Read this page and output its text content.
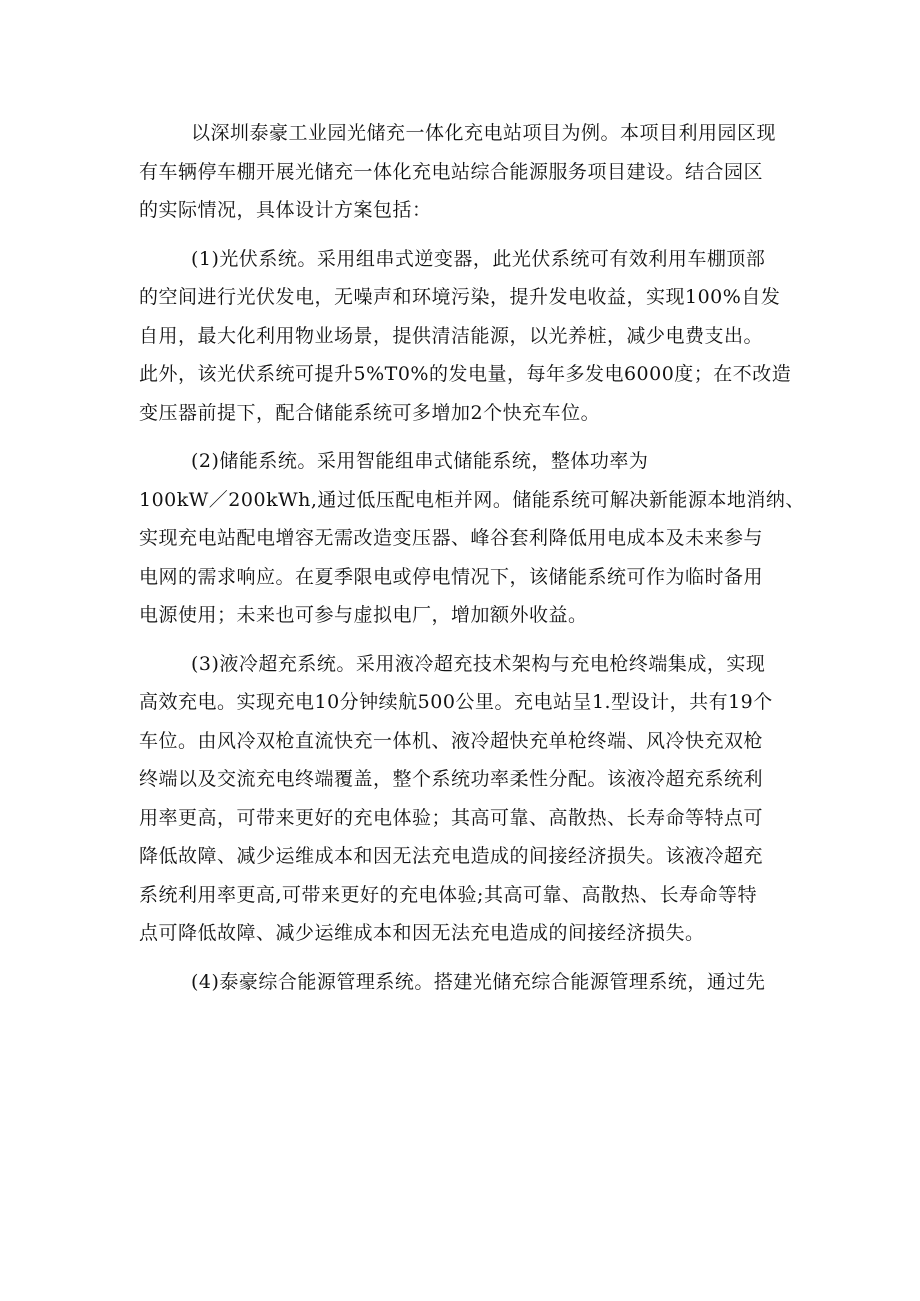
以深圳泰豪工业园光储充一体化充电站项目为例。本项目利用园区现
有车辆停车棚开展光储充一体化充电站综合能源服务项目建设。结合园区
的实际情况，具体设计方案包括：
(1)光伏系统。采用组串式逆变器，此光伏系统可有效利用车棚顶部
的空间进行光伏发电，无噪声和环境污染，提升发电收益，实现100%自发
自用，最大化利用物业场景，提供清洁能源，以光养桩，减少电费支出。
此外，该光伏系统可提升5%T0%的发电量，每年多发电6000度；在不改造
变压器前提下，配合储能系统可多增加2个快充车位。
(2)储能系统。采用智能组串式储能系统，整体功率为
100kW／200kWh,通过低压配电柜并网。储能系统可解决新能源本地消纳、
实现充电站配电增容无需改造变压器、峰谷套利降低用电成本及未来参与
电网的需求响应。在夏季限电或停电情况下，该储能系统可作为临时备用
电源使用；未来也可参与虚拟电厂，增加额外收益。
(3)液冷超充系统。采用液冷超充技术架构与充电枪终端集成，实现
高效充电。实现充电10分钟续航500公里。充电站呈1.型设计，共有19个
车位。由风冷双枪直流快充一体机、液冷超快充单枪终端、风冷快充双枪
终端以及交流充电终端覆盖，整个系统功率柔性分配。该液冷超充系统利
用率更高，可带来更好的充电体验；其高可靠、高散热、长寿命等特点可
降低故障、减少运维成本和因无法充电造成的间接经济损失。该液冷超充
系统利用率更高,可带来更好的充电体验;其高可靠、高散热、长寿命等特
点可降低故障、减少运维成本和因无法充电造成的间接经济损失。
(4)泰豪综合能源管理系统。搭建光储充综合能源管理系统，通过先
